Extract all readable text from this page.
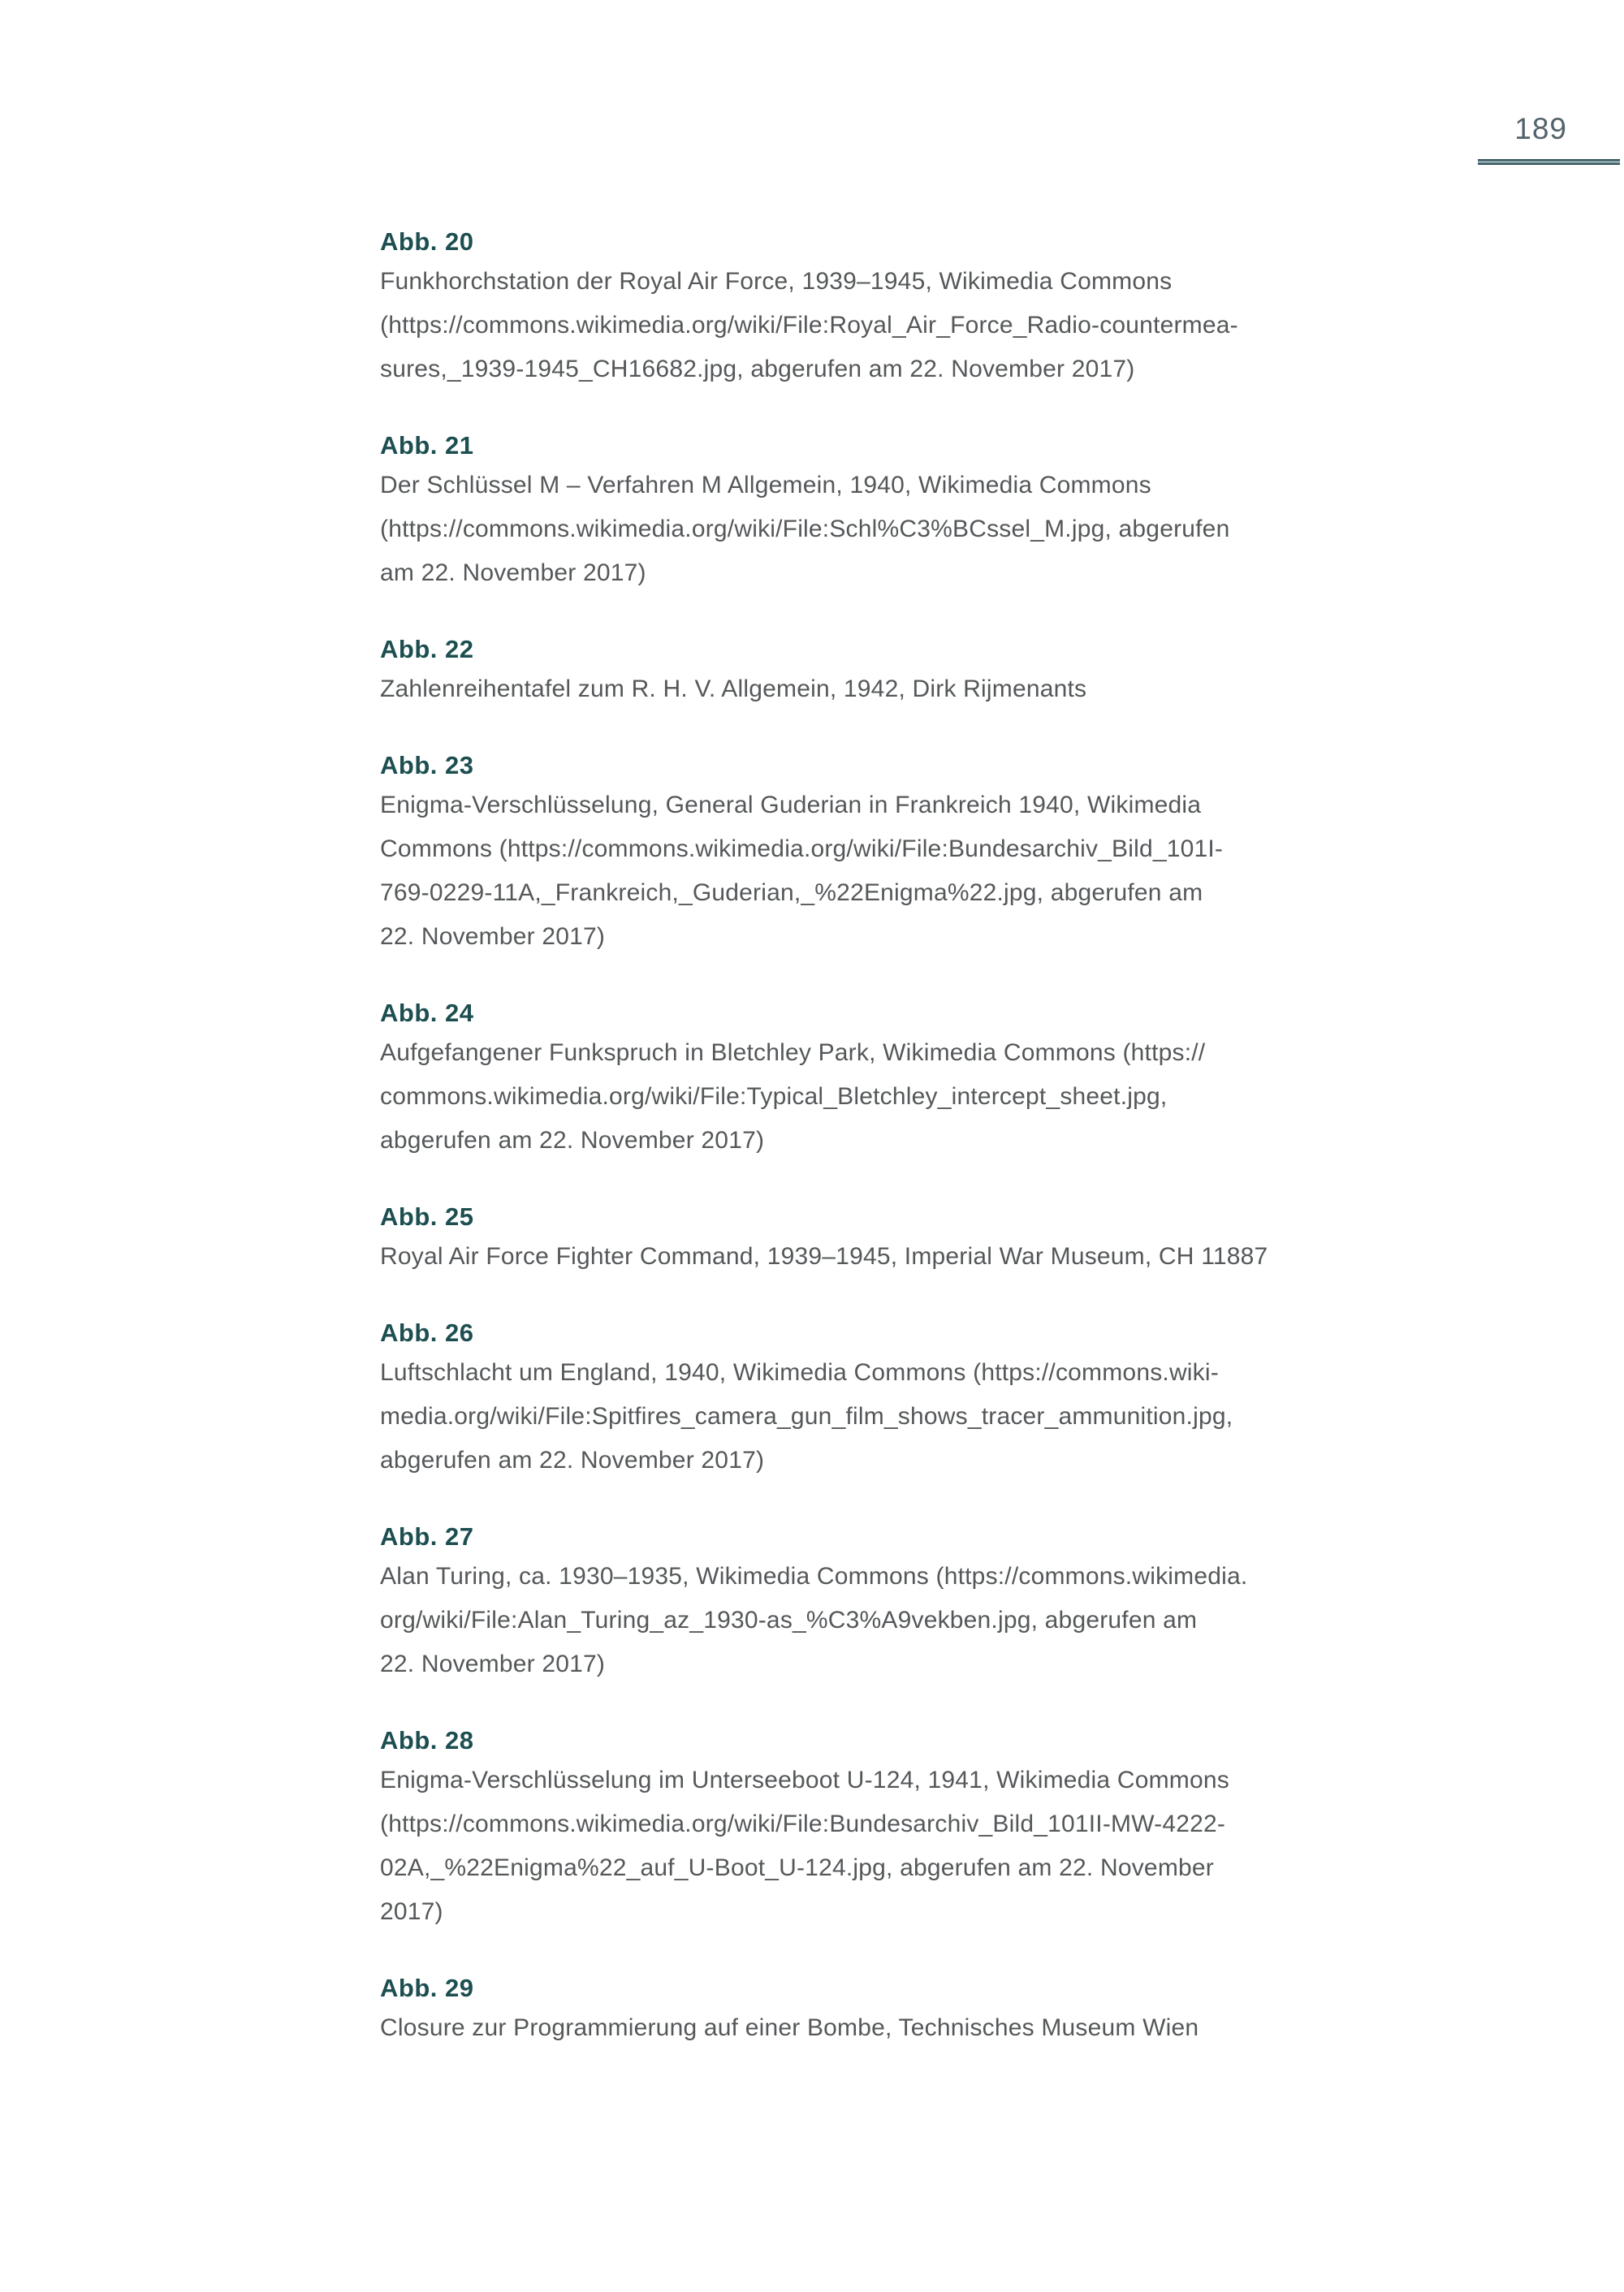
189
Abb. 20
Funkhorchstation der Royal Air Force, 1939–1945, Wikimedia Commons
(https://commons.wikimedia.org/wiki/File:Royal_Air_Force_Radio-countermea-
sures,_1939-1945_CH16682.jpg, abgerufen am 22. November 2017)
Abb. 21
Der Schlüssel M – Verfahren M Allgemein, 1940, Wikimedia Commons
(https://commons.wikimedia.org/wiki/File:Schl%C3%BCssel_M.jpg, abgerufen
am 22. November 2017)
Abb. 22
Zahlenreihentafel zum R. H. V. Allgemein, 1942, Dirk Rijmenants
Abb. 23
Enigma-Verschlüsselung, General Guderian in Frankreich 1940, Wikimedia
Commons (https://commons.wikimedia.org/wiki/File:Bundesarchiv_Bild_101I-
769-0229-11A,_Frankreich,_Guderian,_%22Enigma%22.jpg, abgerufen am
22. November 2017)
Abb. 24
Aufgefangener Funkspruch in Bletchley Park, Wikimedia Commons (https://
commons.wikimedia.org/wiki/File:Typical_Bletchley_intercept_sheet.jpg,
abgerufen am 22. November 2017)
Abb. 25
Royal Air Force Fighter Command, 1939–1945, Imperial War Museum, CH 11887
Abb. 26
Luftschlacht um England, 1940, Wikimedia Commons (https://commons.wiki-
media.org/wiki/File:Spitfires_camera_gun_film_shows_tracer_ammunition.jpg,
abgerufen am 22. November 2017)
Abb. 27
Alan Turing, ca. 1930–1935, Wikimedia Commons (https://commons.wikimedia.
org/wiki/File:Alan_Turing_az_1930-as_%C3%A9vekben.jpg, abgerufen am
22. November 2017)
Abb. 28
Enigma-Verschlüsselung im Unterseeboot U-124, 1941, Wikimedia Commons
(https://commons.wikimedia.org/wiki/File:Bundesarchiv_Bild_101II-MW-4222-
02A,_%22Enigma%22_auf_U-Boot_U-124.jpg, abgerufen am 22. November
2017)
Abb. 29
Closure zur Programmierung auf einer Bombe, Technisches Museum Wien
